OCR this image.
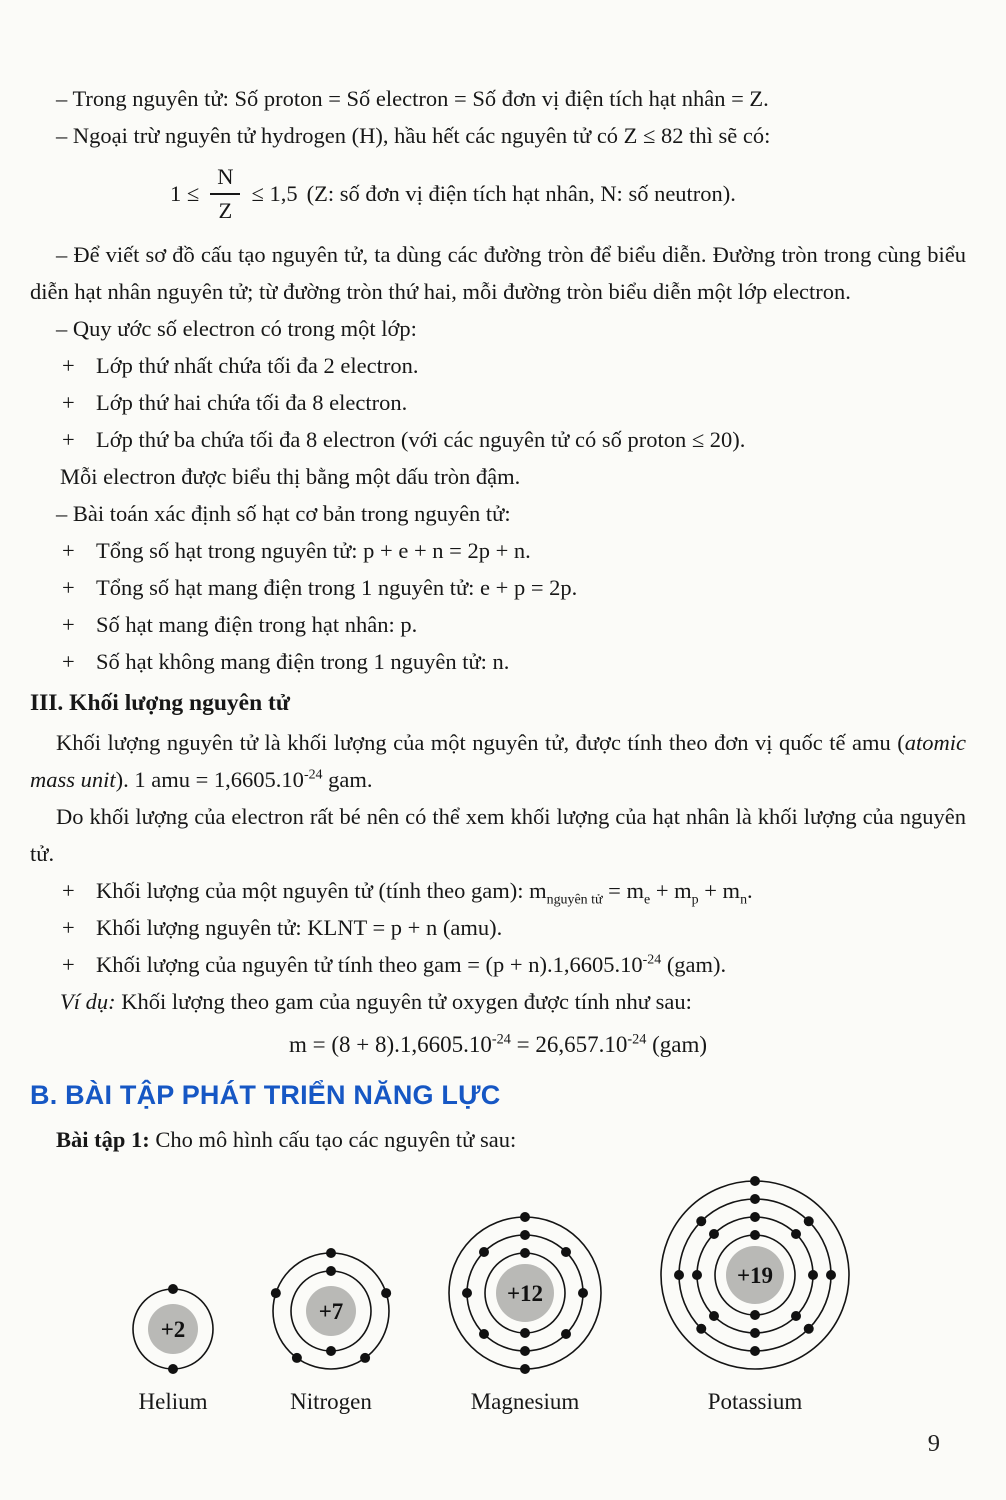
– Trong nguyên tử: Số proton = Số electron = Số đơn vị điện tích hạt nhân = Z.

– Ngoại trừ nguyên tử hydrogen (H), hầu hết các nguyên tử có Z ≤ 82 thì sẽ có:

$1 \le \frac{N}{Z} \le 1,5$ (Z: số đơn vị điện tích hạt nhân, N: số neutron).

– Để viết sơ đồ cấu tạo nguyên tử, ta dùng các đường tròn để biểu diễn. Đường tròn trong cùng biểu diễn hạt nhân nguyên tử; từ đường tròn thứ hai, mỗi đường tròn biểu diễn một lớp electron.

– Quy ước số electron có trong một lớp:

+ Lớp thứ nhất chứa tối đa 2 electron.

+ Lớp thứ hai chứa tối đa 8 electron.

+ Lớp thứ ba chứa tối đa 8 electron (với các nguyên tử có số proton ≤ 20).

Mỗi electron được biểu thị bằng một dấu tròn đậm.

– Bài toán xác định số hạt cơ bản trong nguyên tử:

+ Tổng số hạt trong nguyên tử: p + e + n = 2p + n.

+ Tổng số hạt mang điện trong 1 nguyên tử: e + p = 2p.

+ Số hạt mang điện trong hạt nhân: p.

+ Số hạt không mang điện trong 1 nguyên tử: n.

III. Khối lượng nguyên tử

Khối lượng nguyên tử là khối lượng của một nguyên tử, được tính theo đơn vị quốc tế amu (atomic mass unit). 1 amu = $1,6605.10^{-24}$ gam.

Do khối lượng của electron rất bé nên có thể xem khối lượng của hạt nhân là khối lượng của nguyên tử.

+ Khối lượng của một nguyên tử (tính theo gam): $m_{nguyên tử} = m_e + m_p + m_n$.

+ Khối lượng nguyên tử: KLNT = p + n (amu).

+ Khối lượng của nguyên tử tính theo gam = $(p + n).1,6605.10^{-24}$ (gam).

Ví dụ: Khối lượng theo gam của nguyên tử oxygen được tính như sau:

$m = (8 + 8).1,6605.10^{-24} = 26,657.10^{-24}$ (gam)

B. BÀI TẬP PHÁT TRIỂN NĂNG LỰC

Bài tập 1: Cho mô hình cấu tạo các nguyên tử sau:

+2
Helium
+7
Nitrogen
+12
Magnesium
+19
Potassium
9
